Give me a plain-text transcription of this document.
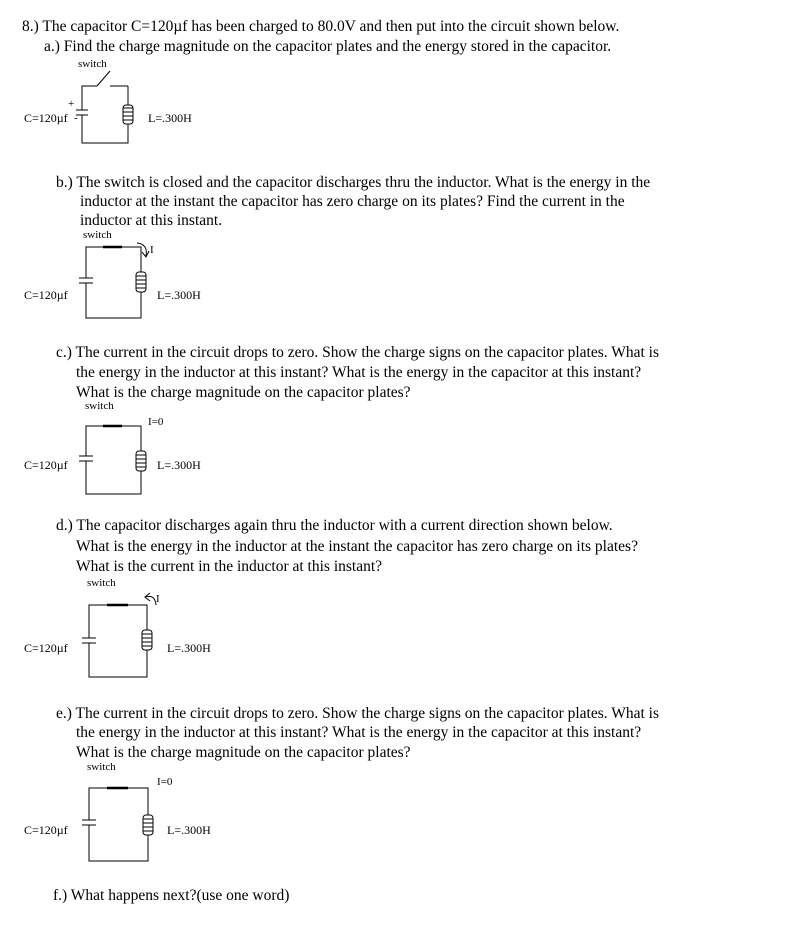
8.) The capacitor C=120µf has been charged to 80.0V and then put into the circuit shown below.
a.) Find the charge magnitude on the capacitor plates and the energy stored in the capacitor.
b.) The switch is closed and the capacitor discharges thru the inductor. What is the energy in the
inductor at the instant the capacitor has zero charge on its plates? Find the current in the
inductor at this instant.
c.) The current in the circuit drops to zero. Show the charge signs on the capacitor plates. What is
the energy in the inductor at this instant? What is the energy in the capacitor at this instant?
What is the charge magnitude on the capacitor plates?
d.) The capacitor discharges again thru the inductor with a current direction shown below.
What is the energy in the inductor at the instant the capacitor has zero charge on its plates?
What is the current in the inductor at this instant?
e.) The current in the circuit drops to zero. Show the charge signs on the capacitor plates. What is
the energy in the inductor at this instant? What is the energy in the capacitor at this instant?
What is the charge magnitude on the capacitor plates?
f.) What happens next?(use one word)
switch
+
-
C=120µf	L=.300H
switch
I
C=120µf	L=.300H
switch
I=0
C=120µf	L=.300H
switch
I
C=120µf	L=.300H
switch
I=0
C=120µf	L=.300H
